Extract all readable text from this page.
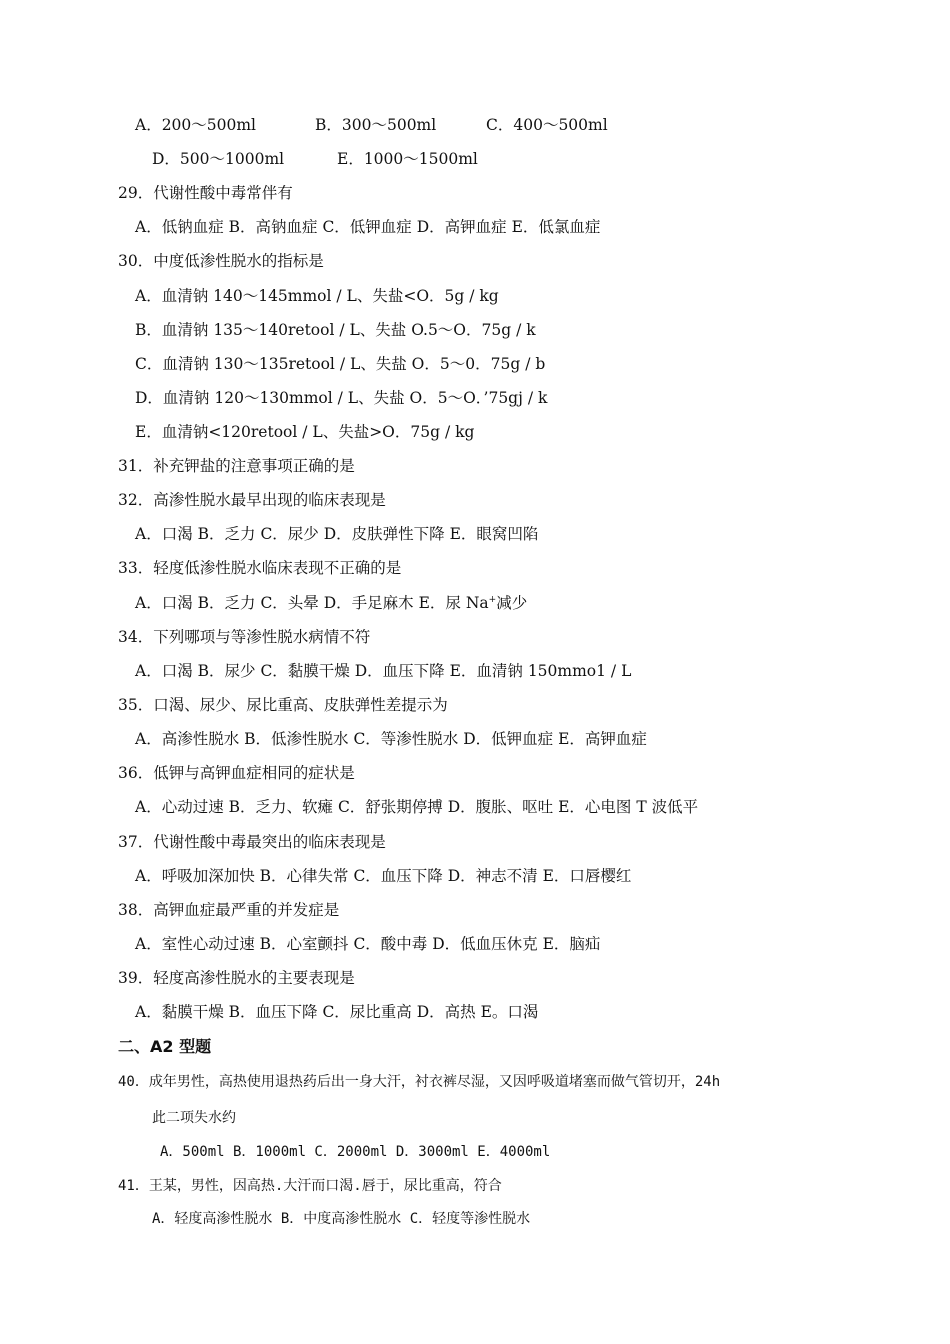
A．200～500ml	B．300～500ml	C．400～500ml
D．500～1000ml	E．1000～1500ml
29．代谢性酸中毒常伴有
A．低钠血症 B．高钠血症 C．低钾血症 D．高钾血症 E．低氯血症
30．中度低渗性脱水的指标是
A．血清钠 140～145mmol / L、失盐<O．5g / kg
B．血清钠 135～140retool / L、失盐 O.5～O．75g / k
C．血清钠 130～135retool / L、失盐 O．5～0．75g / b
D．血清钠 120～130mmol / L、失盐 O．5～O．’75gj / k
E．血清钠<120retool / L、失盐>O．75g / kg
31．补充钾盐的注意事项正确的是
32．高渗性脱水最早出现的临床表现是
A．口渴 B．乏力 C．尿少 D．皮肤弹性下降 E．眼窝凹陷
33．轻度低渗性脱水临床表现不正确的是
A．口渴 B．乏力 C．头晕 D．手足麻木 E．尿 Na+减少
34．下列哪项与等渗性脱水病情不符
A．口渴 B．尿少 C．黏膜干燥 D．血压下降 E．血清钠 150mmo1 / L
35．口渴、尿少、尿比重高、皮肤弹性差提示为
A．高渗性脱水 B．低渗性脱水 C．等渗性脱水 D．低钾血症 E．高钾血症
36．低钾与高钾血症相同的症状是
A．心动过速 B．乏力、软瘫 C．舒张期停搏 D．腹胀、呕吐 E．心电图 T 波低平
37．代谢性酸中毒最突出的临床表现是
A．呼吸加深加快 B．心律失常 C．血压下降 D．神志不清 E．口唇樱红
38．高钾血症最严重的并发症是
A．室性心动过速 B．心室颤抖 C．酸中毒 D．低血压休克 E．脑疝
39．轻度高渗性脱水的主要表现是
A．黏膜干燥 B．血压下降 C．尿比重高 D．高热 E。口渴
二、A2 型题
40．成年男性，高热使用退热药后出一身大汗，衬衣裤尽湿，又因呼吸道堵塞而做气管切开，24h
此二项失水约
A．500ml B．1000ml C．2000ml D．3000ml E．4000ml
41．王某，男性，因高热.大汗而口渴.唇于，尿比重高，符合
A．轻度高渗性脱水 B．中度高渗性脱水 C．轻度等渗性脱水
